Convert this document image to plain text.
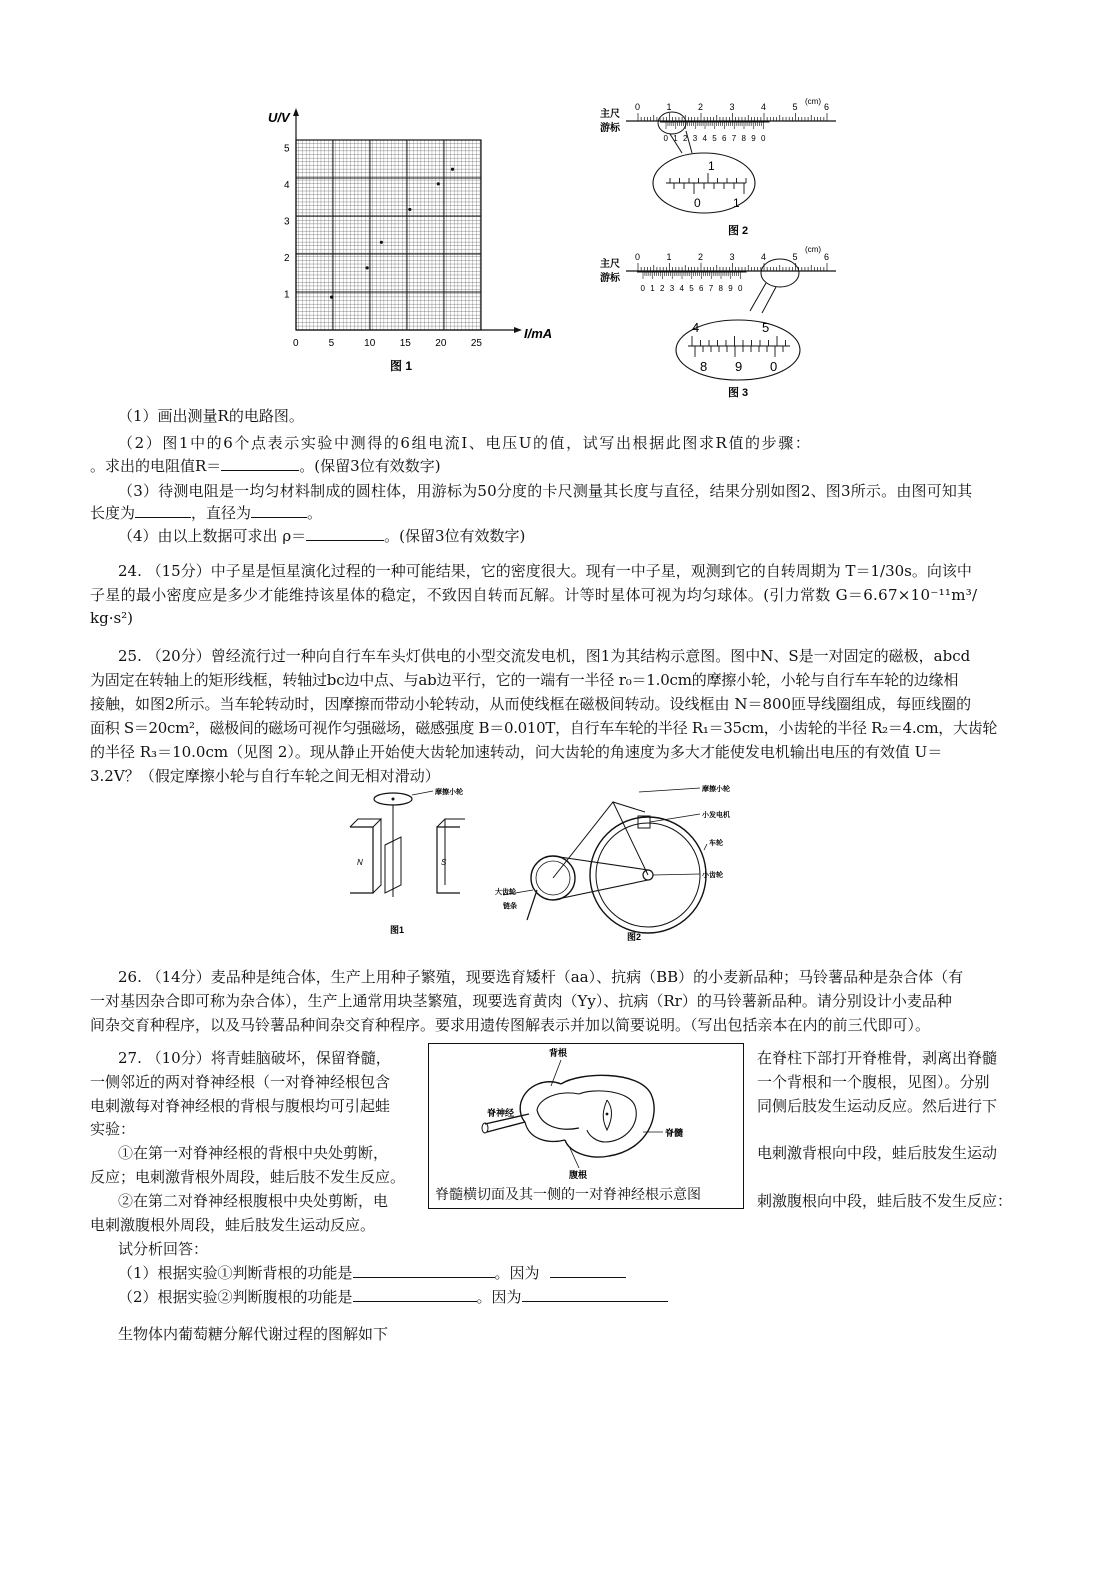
U/V
I/mA
5
4
3
2
1
0	5	10 15 20 25
图 1
主尺
游标
(cm)
0	1	2	3	4	5	6
0 1 2 3 4 5 6 7 8 9 0
1
0	1
图 2
主尺
游标
(cm)
0	1	2	3	4	5	6
0 1 2 3 4 5 6 7 8 9 0
4	5
8 9 0
图 3
（1）画出测量R的电路图。
（2）图1中的6个点表示实验中测得的6组电流I、电压U的值，试写出根据此图求R值的步骤：
。求出的电阻值R＝	。(保留3位有效数字)
（3）待测电阻是一均匀材料制成的圆柱体，用游标为50分度的卡尺测量其长度与直径，结果分别如图2、图3所示。由图可知其
长度为	，直径为	。
（4）由以上数据可求出 ρ＝	。(保留3位有效数字)
24. （15分）中子星是恒星演化过程的一种可能结果，它的密度很大。现有一中子星，观测到它的自转周期为 T＝1/30s。向该中
子星的最小密度应是多少才能维持该星体的稳定，不致因自转而瓦解。计等时星体可视为均匀球体。(引力常数 G＝6.67×10⁻¹¹m³/
kg·s²)
25. （20分）曾经流行过一种向自行车车头灯供电的小型交流发电机，图1为其结构示意图。图中N、S是一对固定的磁极，abcd
为固定在转轴上的矩形线框，转轴过bc边中点、与ab边平行，它的一端有一半径 r₀＝1.0cm的摩擦小轮，小轮与自行车车轮的边缘相
接触，如图2所示。当车轮转动时，因摩擦而带动小轮转动，从而使线框在磁极间转动。设线框由 N＝800匝导线圈组成，每匝线圈的
面积 S＝20cm²，磁极间的磁场可视作匀强磁场，磁感强度 B＝0.010T，自行车车轮的半径 R₁＝35cm，小齿轮的半径 R₂＝4.cm，大齿轮
的半径 R₃＝10.0cm（见图 2）。现从静止开始使大齿轮加速转动，问大齿轮的角速度为多大才能使发电机输出电压的有效值 U＝
3.2V？（假定摩擦小轮与自行车轮之间无相对滑动）
摩擦小轮
N	S
图1
摩擦小轮
小发电机
车轮
小齿轮
大齿轮
链条
图2
26. （14分）麦品种是纯合体，生产上用种子繁殖，现要选育矮杆（aa）、抗病（BB）的小麦新品种；马铃薯品种是杂合体（有
一对基因杂合即可称为杂合体），生产上通常用块茎繁殖，现要选育黄肉（Yy）、抗病（Rr）的马铃薯新品种。请分别设计小麦品种
间杂交育种程序，以及马铃薯品种间杂交育种程序。要求用遗传图解表示并加以简要说明。（写出包括亲本在内的前三代即可）。
27. （10分）将青蛙脑破坏，保留脊髓，
一侧邻近的两对脊神经根（一对脊神经根包含
电刺激每对脊神经根的背根与腹根均可引起蛙
实验：
①在第一对脊神经根的背根中央处剪断，
反应；电刺激背根外周段，蛙后肢不发生反应。
②在第二对脊神经根腹根中央处剪断，电
电刺激腹根外周段，蛙后肢发生运动反应。
在脊柱下部打开脊椎骨，剥离出脊髓
一个背根和一个腹根，见图）。分别
同侧后肢发生运动反应。然后进行下
电刺激背根向中段，蛙后肢发生运动
刺激腹根向中段，蛙后肢不发生反应：
背根
脊神经
脊髓
腹根
脊髓横切面及其一侧的一对脊神经根示意图
试分析回答：
（1）根据实验①判断背根的功能是	。因为
（2）根据实验②判断腹根的功能是	。因为
生物体内葡萄糖分解代谢过程的图解如下
